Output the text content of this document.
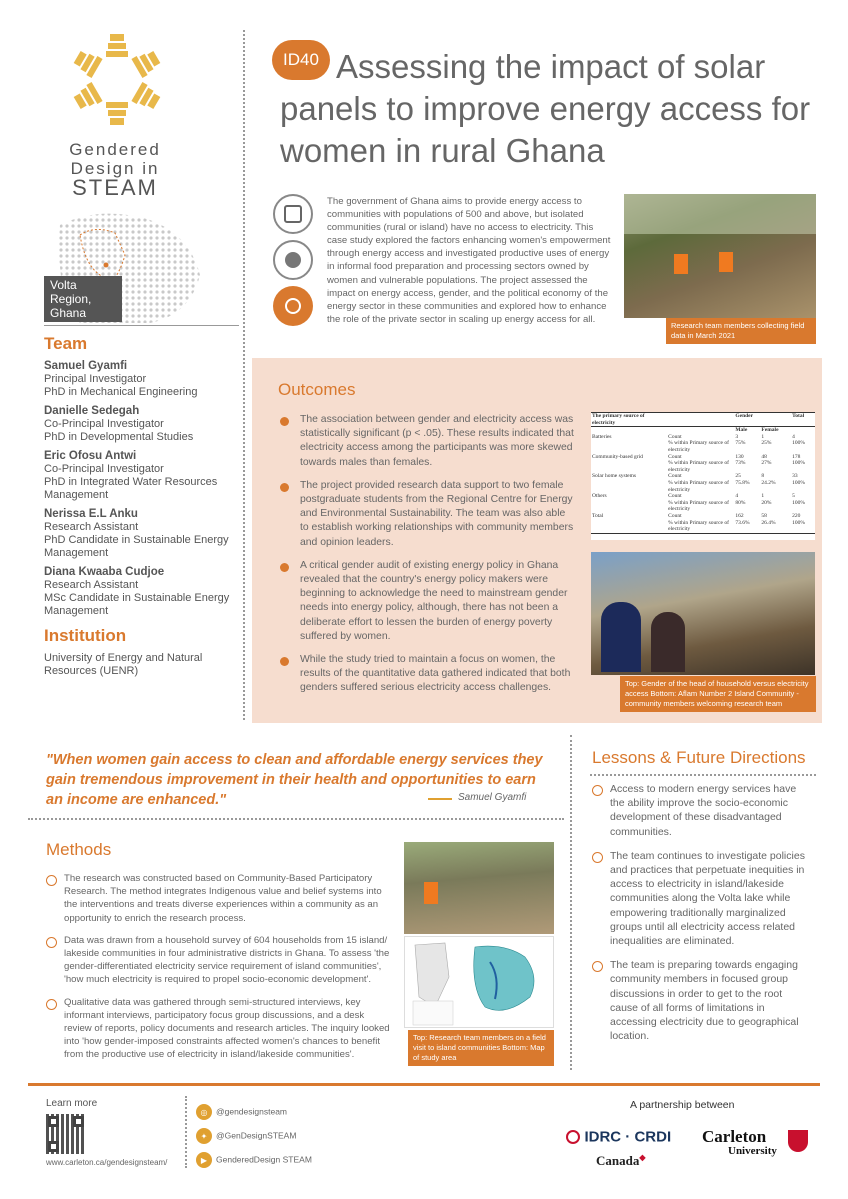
Gendered
Design in
STEAM
Volta Region, Ghana
Team
Samuel Gyamfi
Principal Investigator
PhD in Mechanical Engineering
Danielle Sedegah
Co-Principal Investigator
PhD in Developmental Studies
Eric Ofosu Antwi
Co-Principal Investigator
PhD in Integrated Water Resources Management
Nerissa E.L Anku
Research Assistant
PhD Candidate in Sustainable Energy Management
Diana Kwaaba Cudjoe
Research Assistant
MSc Candidate in Sustainable Energy Management
Institution
University of Energy and Natural Resources (UENR)
ID40 Assessing the impact of solar panels to improve energy access for women in rural Ghana
The government of Ghana aims to provide energy access to communities with populations of 500 and above, but isolated communities (rural or island) have no access to electricity. This case study explored the factors enhancing women's empowerment through energy access and investigated productive uses of energy in informal food preparation and processing sectors owned by women and vulnerable populations. The project assessed the impact on energy access, gender, and the political economy of the energy sector in these communities and explored how to enhance the role of the private sector in scaling up energy access for all.
Research team members collecting field data in March 2021
Outcomes
The association between gender and electricity access was statistically significant (p < .05). These results indicated that electricity access among the participants was more skewed towards males than females.
The project provided research data support to two female postgraduate students from the Regional Centre for Energy and Environmental Sustainability. The team was also able to establish working relationships with community members and opinion leaders.
A critical gender audit of existing energy policy in Ghana revealed that the country's energy policy makers were beginning to acknowledge the need to mainstream gender needs into energy policy, although, there has not been a deliberate effort to lessen the burden of energy poverty suffered by women.
While the study tried to maintain a focus on women, the results of the quantitative data gathered indicated that both genders suffered serious electricity access challenges.
The primary source of electricity		Gender		Total
		Male	Female	
Batteries	Count	3	1	4
	% within Primary source of electricity	75%	25%	100%
Community-based grid	Count	130	48	178
	% within Primary source of electricity	73%	27%	100%
Solar home systems	Count	25	8	33
	% within Primary source of electricity	75.8%	24.2%	100%
Others	Count	4	1	5
	% within Primary source of electricity	80%	20%	100%
Total	Count	162	58	220
	% within Primary source of electricity	73.6%	26.4%	100%
Top: Gender of the head of household versus electricity access Bottom: Aflam Number 2 Island Community - community members welcoming research team
"When women gain access to clean and affordable energy services they gain tremendous improvement in their health and opportunities to earn an income are enhanced."	Samuel Gyamfi
Methods
The research was constructed based on Community-Based Participatory Research. The method integrates Indigenous value and belief systems into the interventions and treats diverse experiences within a community as an opportunity to enrich the research process.
Data was drawn from a household survey of 604 households from 15 island/ lakeside communities in four administrative districts in Ghana. To assess 'the gender-differentiated electricity service requirement of island communities', 'how much electricity is required to propel socio-economic development'.
Qualitative data was gathered through semi-structured interviews, key informant interviews, participatory focus group discussions, and a desk review of reports, policy documents and research articles. The inquiry looked into 'how gender-imposed constraints affected women's chances to benefit from the productive use of electricity in island/lakeside communities'.
Top: Research team members on a field visit to island communities Bottom: Map of study area
Lessons & Future Directions
Access to modern energy services have the ability improve the socio-economic development of these disadvantaged communities.
The team continues to investigate policies and practices that perpetuate inequities in access to electricity in island/lakeside communities along the Volta lake while empowering traditionally marginalized groups until all electricity access related inequalities are eliminated.
The team is preparing towards engaging community members in focused group discussions in order to get to the root cause of all forms of limitations in accessing electricity due to geographical location.
Learn more
www.carleton.ca/gendesignsteam/
◎ @gendesignsteam
✦ @GenDesignSTEAM
▶ GenderedDesign STEAM
A partnership between
IDRC · CRDI
Canada◆
Carleton
University
